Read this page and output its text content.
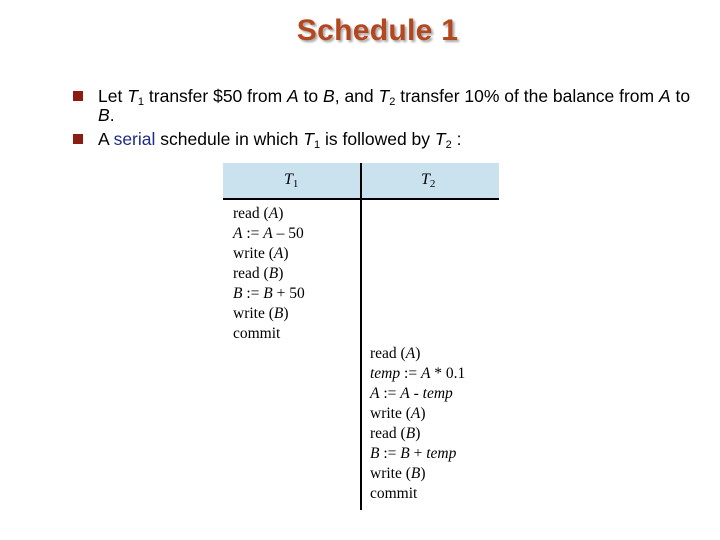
Schedule 1
Let $T_1$ transfer $50 from A to B, and $T_2$ transfer 10% of the balance from A to B.
A serial schedule in which $T_1$ is followed by $T_2$ :
$T_1$	$T_2$
read (A)
A := A – 50
write (A)
read (B)
B := B + 50
write (B)
commit
read (A)
temp := A * 0.1
A := A - temp
write (A)
read (B)
B := B + temp
write (B)
commit
